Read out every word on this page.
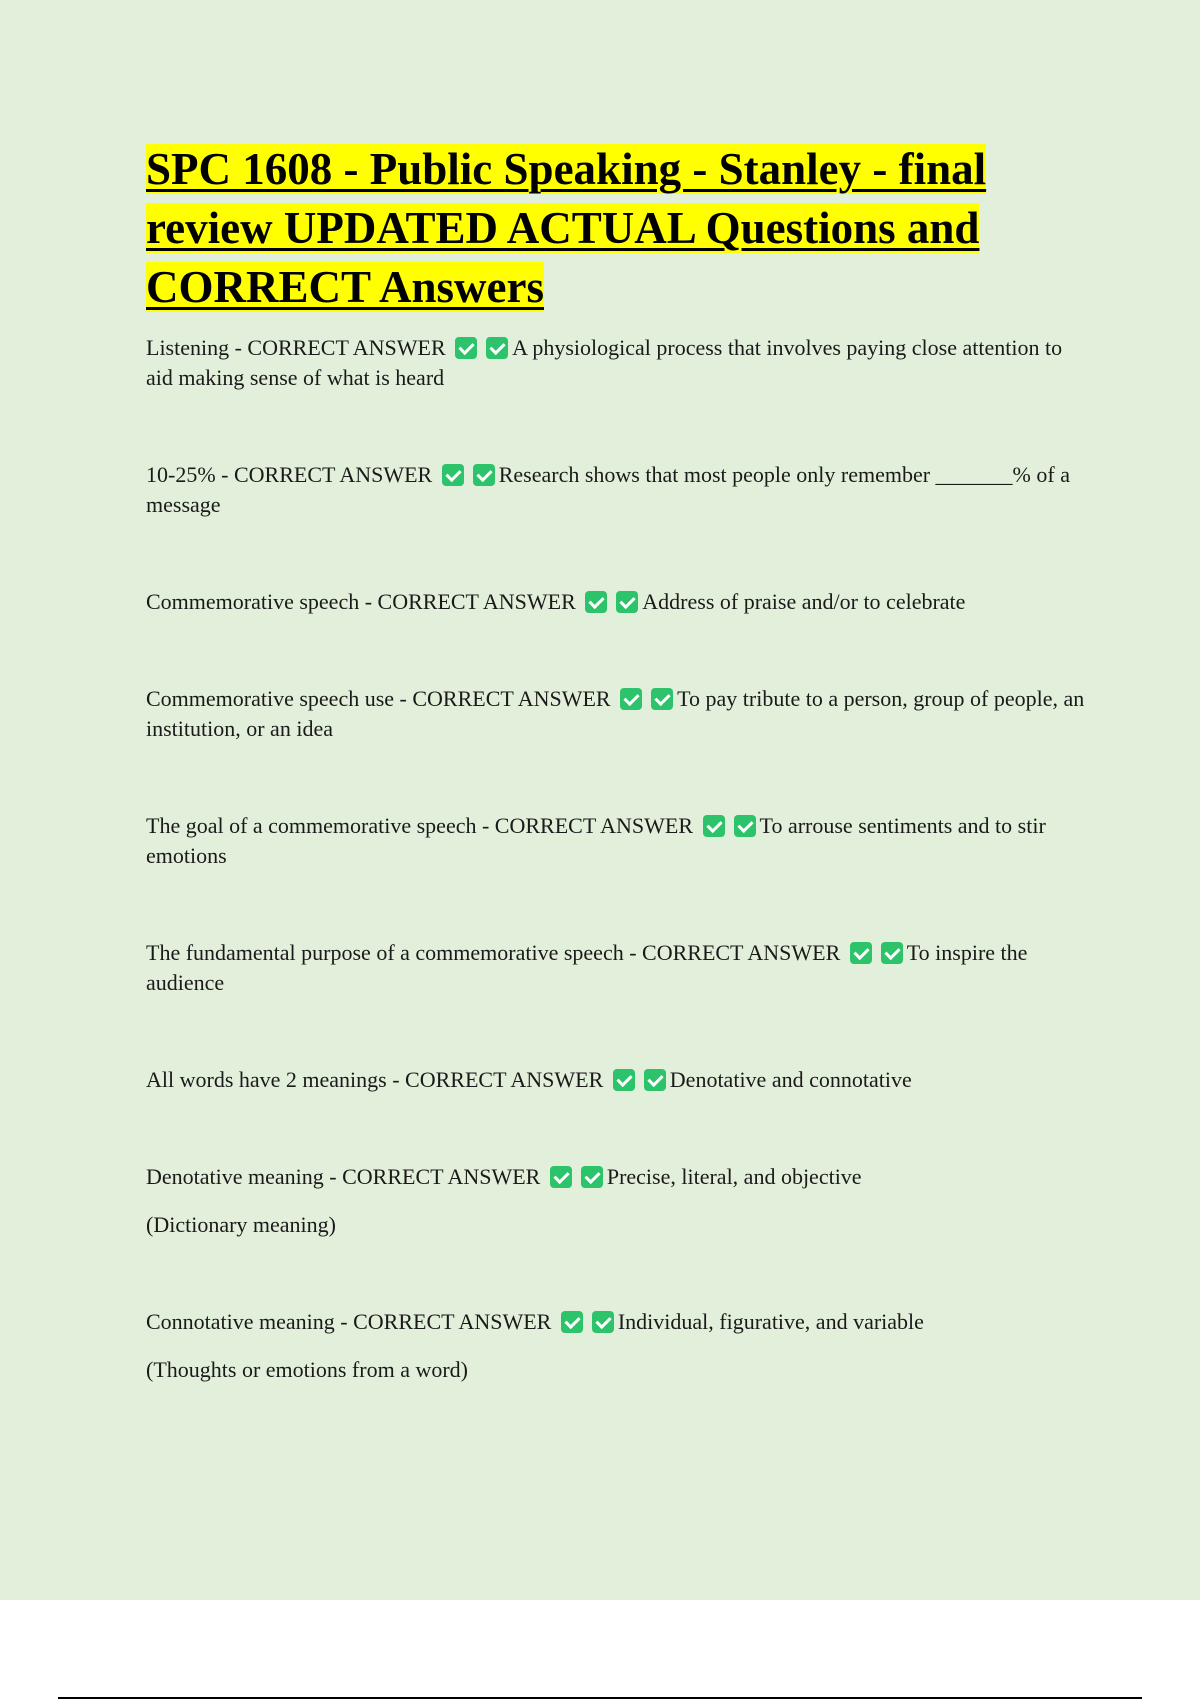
SPC 1608 - Public Speaking - Stanley - final review UPDATED ACTUAL Questions and CORRECT Answers
Listening - CORRECT ANSWER	A physiological process that involves paying close attention to aid making sense of what is heard
10-25% - CORRECT ANSWER	Research shows that most people only remember _______% of a message
Commemorative speech - CORRECT ANSWER	Address of praise and/or to celebrate
Commemorative speech use - CORRECT ANSWER	To pay tribute to a person, group of people, an institution, or an idea
The goal of a commemorative speech - CORRECT ANSWER	To arrouse sentiments and to stir emotions
The fundamental purpose of a commemorative speech - CORRECT ANSWER	To inspire the audience
All words have 2 meanings - CORRECT ANSWER	Denotative and connotative
Denotative meaning - CORRECT ANSWER	Precise, literal, and objective
(Dictionary meaning)
Connotative meaning - CORRECT ANSWER	Individual, figurative, and variable
(Thoughts or emotions from a word)
